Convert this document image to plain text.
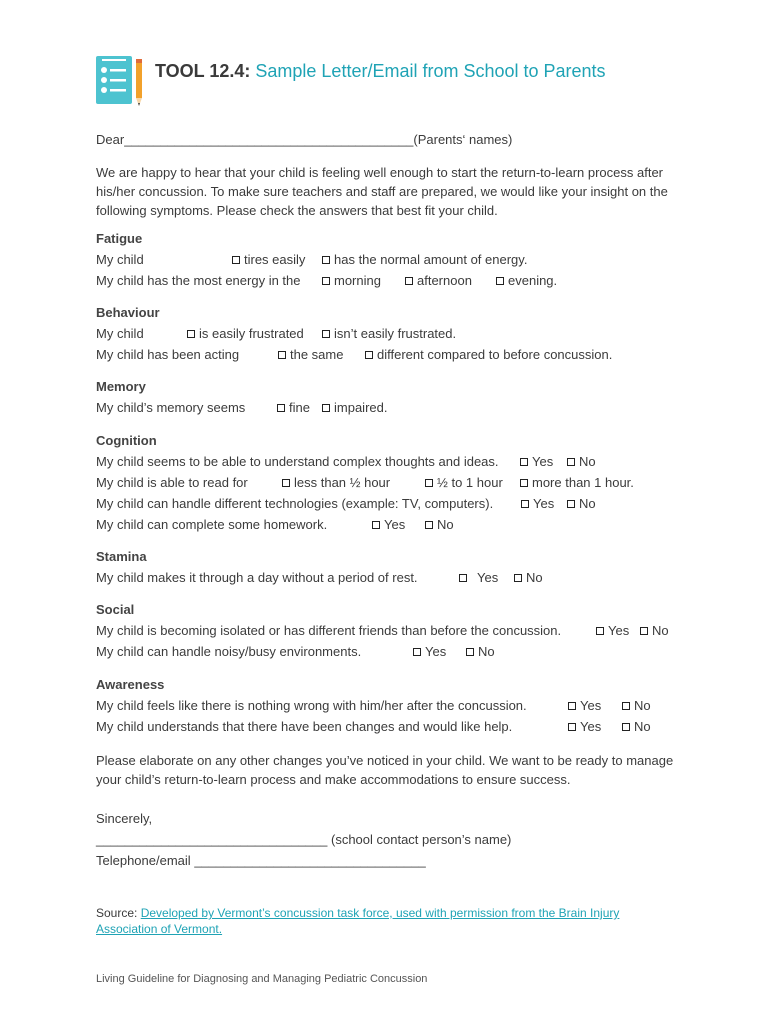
TOOL 12.4: Sample Letter/Email from School to Parents
Dear________________________________________(Parents‘ names)
We are happy to hear that your child is feeling well enough to start the return-to-learn process after his/her concussion. To make sure teachers and staff are prepared, we would like your insight on the following symptoms. Please check the answers that best fit your child.
Fatigue
My child	tires easily	has the normal amount of energy.
My child has the most energy in the	morning	afternoon	evening.
Behaviour
My child	is easily frustrated	isn’t easily frustrated.
My child has been acting	the same	different compared to before concussion.
Memory
My child’s memory seems	fine	impaired.
Cognition
My child seems to be able to understand complex thoughts and ideas.	Yes	No
My child is able to read for	less than ½ hour	½ to 1 hour	more than 1 hour.
My child can handle different technologies (example: TV, computers).	Yes	No
My child can complete some homework.	Yes	No
Stamina
My child makes it through a day without a period of rest.	Yes	No
Social
My child is becoming isolated or has different friends than before the concussion.	Yes	No
My child can handle noisy/busy environments.	Yes	No
Awareness
My child feels like there is nothing wrong with him/her after the concussion.	Yes	No
My child understands that there have been changes and would like help.	Yes	No
Please elaborate on any other changes you’ve noticed in your child. We want to be ready to manage your child’s return-to-learn process and make accommodations to ensure success.
Sincerely,
________________________________ (school contact person’s name)
Telephone/email ________________________________
Source: Developed by Vermont’s concussion task force, used with permission from the Brain Injury Association of Vermont.
Living Guideline for Diagnosing and Managing Pediatric Concussion
